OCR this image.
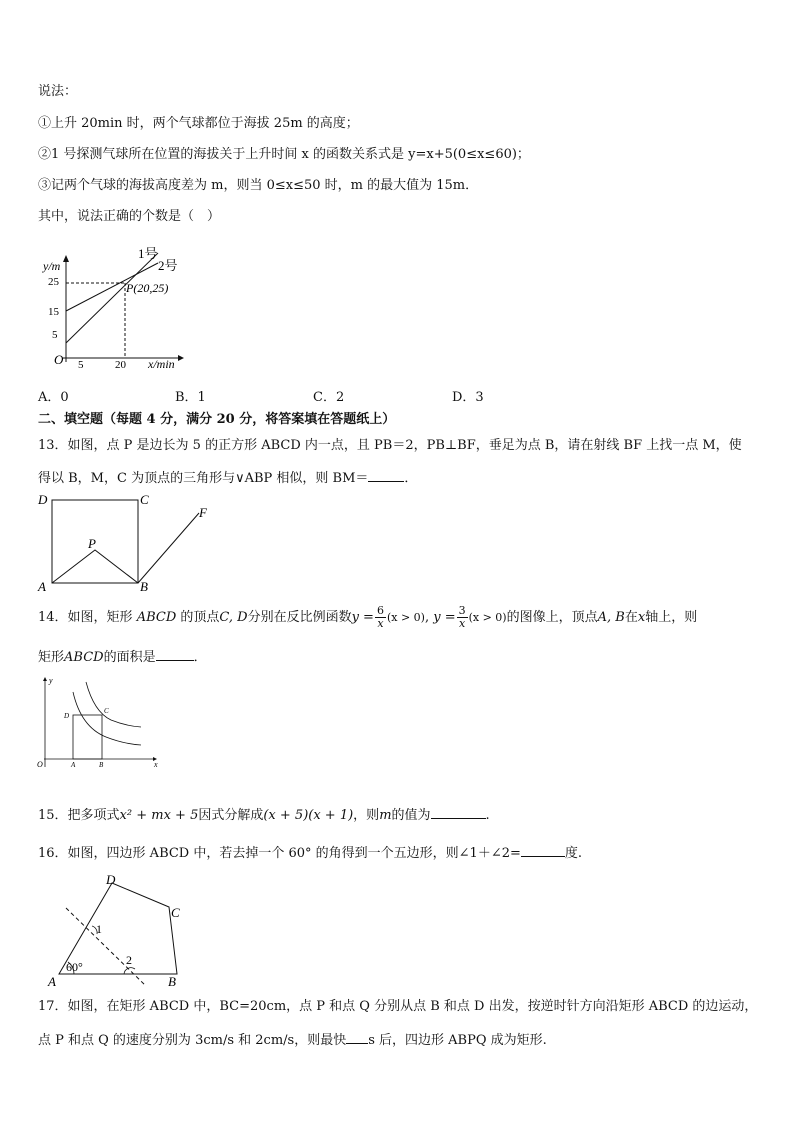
说法：
①上升 20min 时，两个气球都位于海拔 25m 的高度；
②1 号探测气球所在位置的海拔关于上升时间 x 的函数关系式是 y=x+5(0≤x≤60)；
③记两个气球的海拔高度差为 m，则当 0≤x≤50 时，m 的最大值为 15m．
其中，说法正确的个数是（　）
y/m
x/min
O
25
15
5
5	20
1号
2号
P(20,25)
A．0	B．1	C．2	D．3
二、填空题（每题 4 分，满分 20 分，将答案填在答题纸上）
13．如图，点 P 是边长为 5 的正方形 ABCD 内一点，且 PB＝2，PB⊥BF，垂足为点 B，请在射线 BF 上找一点 M，使
得以 B，M，C 为顶点的三角形与∨ABP 相似，则 BM＝	．
D	C
A	B
P
F
14．如图，矩形 ABCD 的顶点C, D分别在反比例函数$y = \frac{6}{x} (x > 0)$, $y = \frac{3}{x} (x > 0)$的图像上，顶点A, B在x轴上，则
矩形ABCD的面积是	．
y
x
O	A	B
C
D
15．把多项式x² + mx + 5因式分解成(x + 5)(x + 1)，则m的值为	.
16．如图，四边形 ABCD 中，若去掉一个 60° 的角得到一个五边形，则∠1＋∠2=	度.
A	B
C
D
60°
1
2
17．如图，在矩形 ABCD 中，BC=20cm，点 P 和点 Q 分别从点 B 和点 D 出发，按逆时针方向沿矩形 ABCD 的边运动，
点 P 和点 Q 的速度分别为 3cm/s 和 2cm/s，则最快 s 后，四边形 ABPQ 成为矩形.
